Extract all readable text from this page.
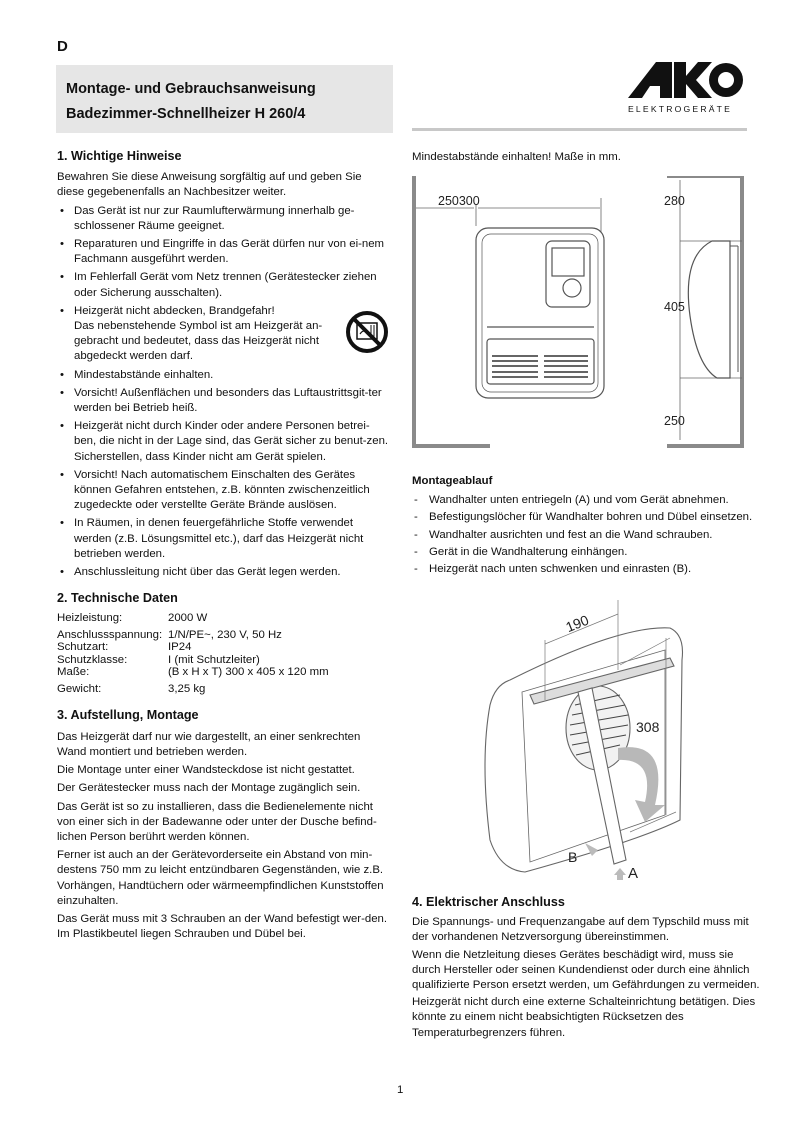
D
Montage- und Gebrauchsanweisung
Badezimmer-Schnellheizer H 260/4	ELEKTROGERÄTE

1. Wichtige Hinweise

Bewahren Sie diese Anweisung sorgfältig auf und geben Sie diese gegebenenfalls an Nachbesitzer weiter.

• Das Gerät ist nur zur Raumlufterwärmung innerhalb ge-schlossener Räume geeignet.
• Reparaturen und Eingriffe in das Gerät dürfen nur von ei-nem Fachmann ausgeführt werden.
• Im Fehlerfall Gerät vom Netz trennen (Gerätestecker ziehen oder Sicherung ausschalten).
• Heizgerät nicht abdecken, Brandgefahr!
Das nebenstehende Symbol ist am Heizgerät an-gebracht und bedeutet, dass das Heizgerät nicht abgedeckt werden darf.
• Mindestabstände einhalten.
• Vorsicht! Außenflächen und besonders das Luftaustrittsgit-ter werden bei Betrieb heiß.
• Heizgerät nicht durch Kinder oder andere Personen betrei-ben, die nicht in der Lage sind, das Gerät sicher zu benut-zen. Sicherstellen, dass Kinder nicht am Gerät spielen.
• Vorsicht! Nach automatischem Einschalten des Gerätes können Gefahren entstehen, z.B. könnten zwischenzeitlich zugedeckte oder verstellte Geräte Brände auslösen.
• In Räumen, in denen feuergefährliche Stoffe verwendet werden (z.B. Lösungsmittel etc.), darf das Heizgerät nicht betrieben werden.
• Anschlussleitung nicht über das Gerät legen werden.

2. Technische Daten

Heizleistung:	2000 W
Anschlussspannung: 1/N/PE~, 230 V, 50 Hz
Schutzart:	IP24
Schutzklasse:	I (mit Schutzleiter)
Maße:	(B x H x T) 300 x 405 x 120 mm
Gewicht:	3,25 kg

3. Aufstellung, Montage

Das Heizgerät darf nur wie dargestellt, an einer senkrechten Wand montiert und betrieben werden.

Die Montage unter einer Wandsteckdose ist nicht gestattet.

Der Gerätestecker muss nach der Montage zugänglich sein.

Das Gerät ist so zu installieren, dass die Bedienelemente nicht von einer sich in der Badewanne oder unter der Dusche befind-lichen Person berührt werden können.

Ferner ist auch an der Gerätevorderseite ein Abstand von min-destens 750 mm zu leicht entzündbaren Gegenständen, wie z.B. Vorhängen, Handtüchern oder wärmeempfindlichen Kunststoffen einzuhalten.

Das Gerät muss mit 3 Schrauben an der Wand befestigt wer-den. Im Plastikbeutel liegen Schrauben und Dübel bei.

Mindestabstände einhalten! Maße in mm.
250300	280
405
250

Montageablauf

- Wandhalter unten entriegeln (A) und vom Gerät abnehmen.
- Befestigungslöcher für Wandhalter bohren und Dübel einsetzen.
- Wandhalter ausrichten und fest an die Wand schrauben.
- Gerät in die Wandhalterung einhängen.
- Heizgerät nach unten schwenken und einrasten (B).
190
308
B
A

4. Elektrischer Anschluss

Die Spannungs- und Frequenzangabe auf dem Typschild muss mit der vorhandenen Netzversorgung übereinstimmen.

Wenn die Netzleitung dieses Gerätes beschädigt wird, muss sie durch Hersteller oder seinen Kundendienst oder durch eine ähnlich qualifizierte Person ersetzt werden, um Gefährdungen zu vermeiden.

Heizgerät nicht durch eine externe Schalteinrichtung betätigen. Dies könnte zu einem nicht beabsichtigten Rücksetzen des Temperaturbegrenzers führen.

1
